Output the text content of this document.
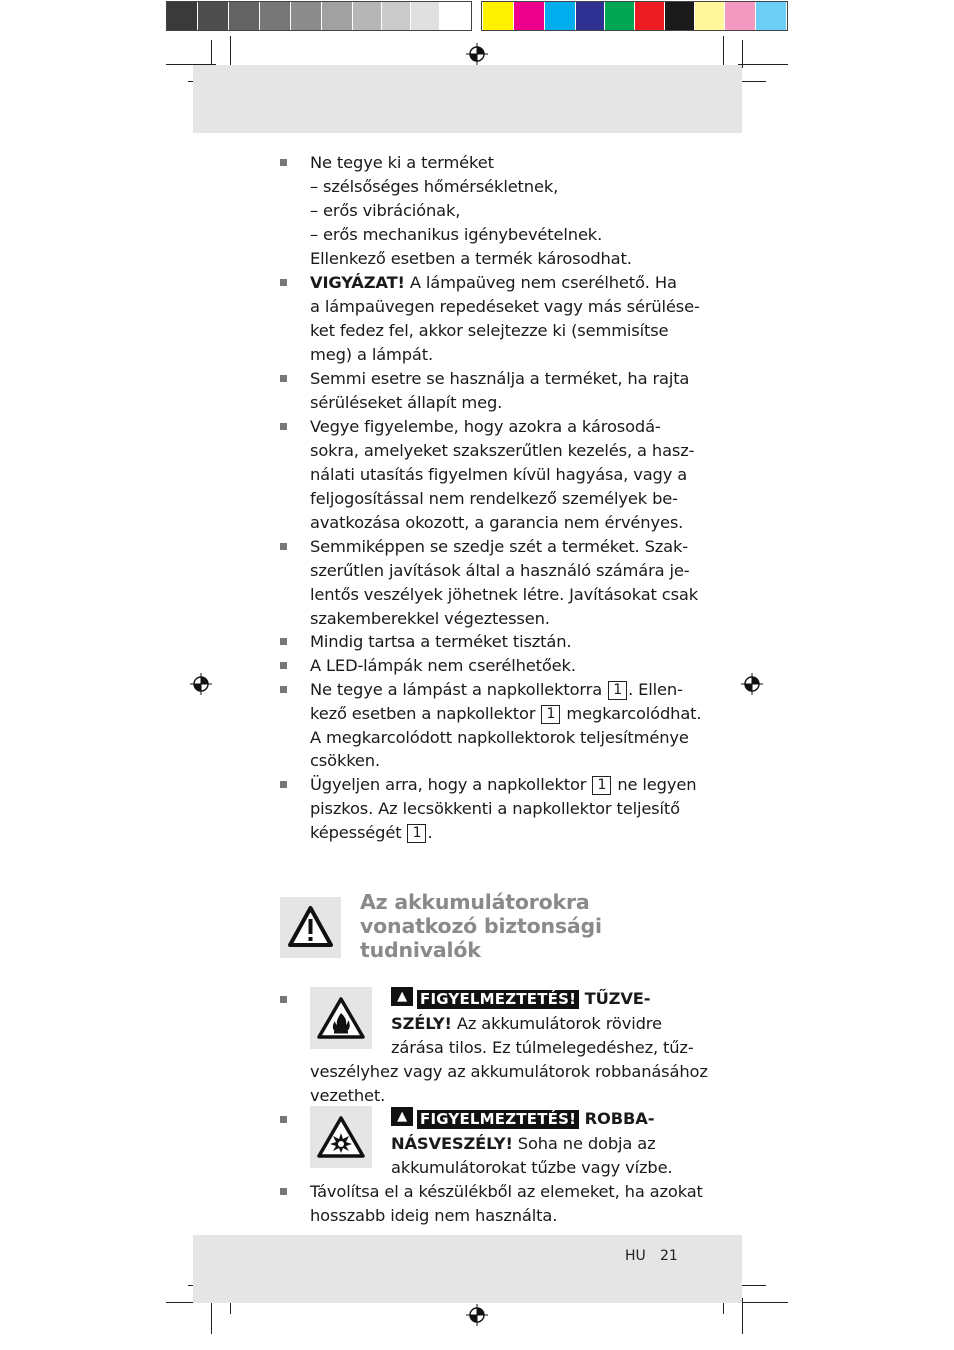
Ne tegye ki a terméket
– szélsőséges hőmérsékletnek,
– erős vibrációnak,
– erős mechanikus igénybevételnek.
Ellenkező esetben a termék károsodhat.
VIGYÁZAT! A lámpaüveg nem cserélhető. Ha
a lámpaüvegen repedéseket vagy más sérülése-
ket fedez fel, akkor selejtezze ki (semmisítse
meg) a lámpát.
Semmi esetre se használja a terméket, ha rajta
sérüléseket állapít meg.
Vegye figyelembe, hogy azokra a károsodá-
sokra, amelyeket szakszerűtlen kezelés, a hasz-
nálati utasítás figyelmen kívül hagyása, vagy a
feljogosítással nem rendelkező személyek be-
avatkozása okozott, a garancia nem érvényes.
Semmiképpen se szedje szét a terméket. Szak-
szerűtlen javítások által a használó számára je-
lentős veszélyek jöhetnek létre. Javításokat csak
szakemberekkel végeztessen.
Mindig tartsa a terméket tisztán.
A LED-lámpák nem cserélhetőek.
Ne tegye a lámpást a napkollektorra 1 . Ellen-
kező esetben a napkollektor 1 megkarcolódhat.
A megkarcolódott napkollektorok teljesítménye
csökken.
Ügyeljen arra, hogy a napkollektor 1 ne legyen
piszkos. Az lecsökkenti a napkollektor teljesítő
képességét 1 .
Az akkumulátorokra
vonatkozó biztonsági
tudnivalók
▲ FIGYELMEZTETÉS! TŰZVE-
SZÉLY! Az akkumulátorok rövidre
zárása tilos. Ez túlmelegedéshez, tűz-
veszélyhez vagy az akkumulátorok robbanásához
vezethet.
▲ FIGYELMEZTETÉS! ROBBA-
NÁSVESZÉLY! Soha ne dobja az
akkumulátorokat tűzbe vagy vízbe.
Távolítsa el a készülékből az elemeket, ha azokat
hosszabb ideig nem használta.
HU 21
